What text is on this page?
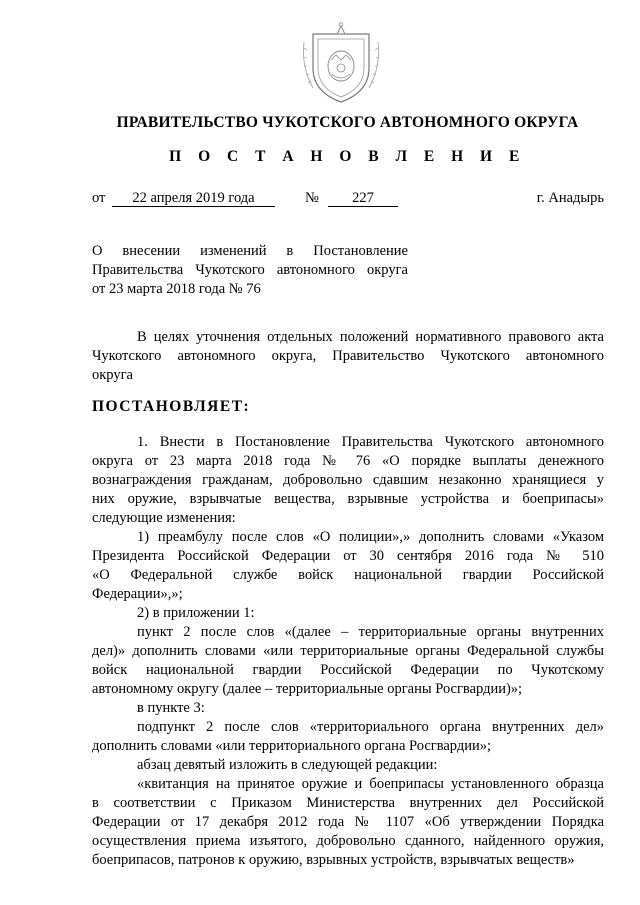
ПРАВИТЕЛЬСТВО ЧУКОТСКОГО АВТОНОМНОГО ОКРУГА
П О С Т А Н О В Л Е Н И Е
от	22 апреля 2019 года	№	227	г. Анадырь
О внесении изменений в Постановление
Правительства Чукотского автономного округа
от 23 марта 2018 года № 76
В целях уточнения отдельных положений нормативного правового акта
Чукотского автономного округа, Правительство Чукотского автономного
округа
ПОСТАНОВЛЯЕТ:
1. Внести в Постановление Правительства Чукотского автономного
округа от 23 марта 2018 года № 76 «О порядке выплаты денежного
вознаграждения гражданам, добровольно сдавшим незаконно хранящиеся у
них оружие, взрывчатые вещества, взрывные устройства и боеприпасы»
следующие изменения:
1) преамбулу после слов «О полиции»,» дополнить словами «Указом
Президента Российской Федерации от 30 сентября 2016 года № 510
«О Федеральной службе войск национальной гвардии Российской
Федерации»,»;
2) в приложении 1:
пункт 2 после слов «(далее – территориальные органы внутренних
дел)» дополнить словами «или территориальные органы Федеральной службы
войск национальной гвардии Российской Федерации по Чукотскому
автономному округу (далее – территориальные органы Росгвардии)»;
в пункте 3:
подпункт 2 после слов «территориального органа внутренних дел»
дополнить словами «или территориального органа Росгвардии»;
абзац девятый изложить в следующей редакции:
«квитанция на принятое оружие и боеприпасы установленного образца
в соответствии с Приказом Министерства внутренних дел Российской
Федерации от 17 декабря 2012 года № 1107 «Об утверждении Порядка
осуществления приема изъятого, добровольно сданного, найденного оружия,
боеприпасов, патронов к оружию, взрывных устройств, взрывчатых веществ»
